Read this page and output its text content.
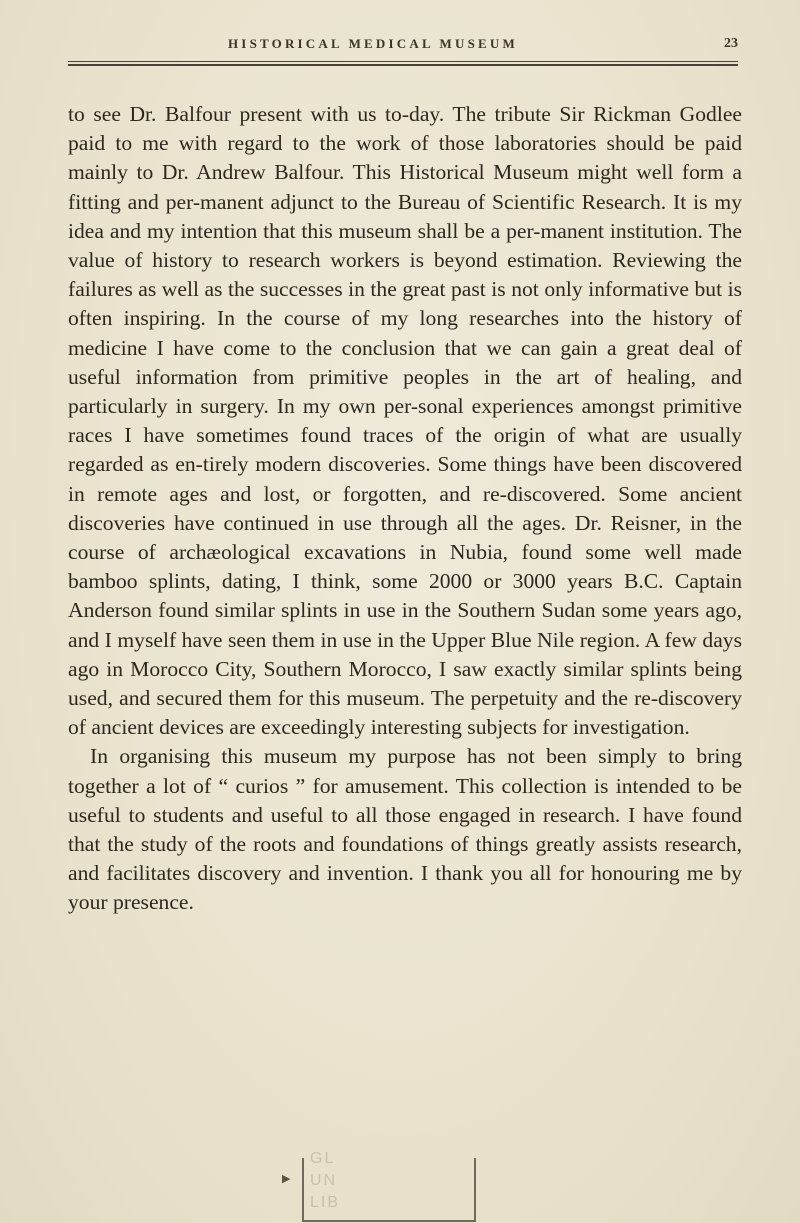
HISTORICAL MEDICAL MUSEUM	23

to see Dr. Balfour present with us to-day. The tribute Sir Rickman Godlee paid to me with regard to the work of those laboratories should be paid mainly to Dr. Andrew Balfour. This Historical Museum might well form a fitting and per-manent adjunct to the Bureau of Scientific Research. It is my idea and my intention that this museum shall be a per-manent institution. The value of history to research workers is beyond estimation. Reviewing the failures as well as the successes in the great past is not only informative but is often inspiring. In the course of my long researches into the history of medicine I have come to the conclusion that we can gain a great deal of useful information from primitive peoples in the art of healing, and particularly in surgery. In my own per-sonal experiences amongst primitive races I have sometimes found traces of the origin of what are usually regarded as en-tirely modern discoveries. Some things have been discovered in remote ages and lost, or forgotten, and re-discovered. Some ancient discoveries have continued in use through all the ages. Dr. Reisner, in the course of archæological excavations in Nubia, found some well made bamboo splints, dating, I think, some 2000 or 3000 years B.C. Captain Anderson found similar splints in use in the Southern Sudan some years ago, and I myself have seen them in use in the Upper Blue Nile region. A few days ago in Morocco City, Southern Morocco, I saw exactly similar splints being used, and secured them for this museum. The perpetuity and the re-discovery of ancient devices are exceedingly interesting subjects for investigation.

In organising this museum my purpose has not been simply to bring together a lot of “ curios ” for amusement. This collection is intended to be useful to students and useful to all those engaged in research. I have found that the study of the roots and foundations of things greatly assists research, and facilitates discovery and invention. I thank you all for honouring me by your presence.

▶
GL
UN
LIB
